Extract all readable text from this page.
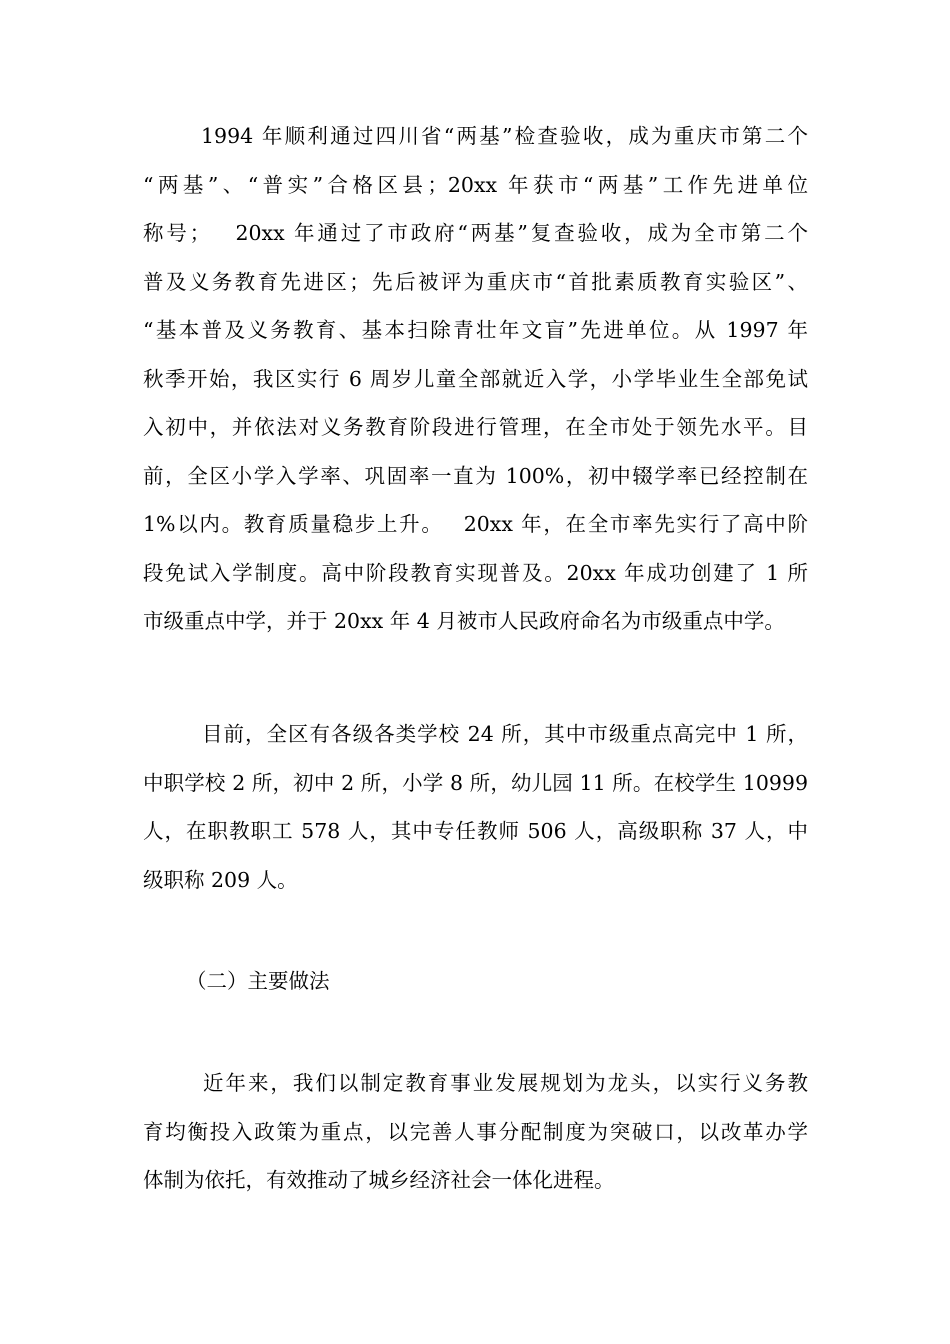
1994 年顺利通过四川省“两基”检查验收，成为重庆市第二个
“两基”、“普实”合格区县；20xx 年获市“两基”工作先进单位
称号；　 20xx 年通过了市政府“两基”复查验收，成为全市第二个
普及义务教育先进区；先后被评为重庆市“首批素质教育实验区”、
“基本普及义务教育、基本扫除青壮年文盲”先进单位。从 1997 年
秋季开始，我区实行 6 周岁儿童全部就近入学，小学毕业生全部免试
入初中，并依法对义务教育阶段进行管理，在全市处于领先水平。目
前，全区小学入学率、巩固率一直为 100%，初中辍学率已经控制在
1%以内。教育质量稳步上升。　 20xx 年，在全市率先实行了高中阶
段免试入学制度。高中阶段教育实现普及。20xx 年成功创建了 1 所
市级重点中学，并于 20xx 年 4 月被市人民政府命名为市级重点中学。
目前，全区有各级各类学校 24 所，其中市级重点高完中 1 所，
中职学校 2 所，初中 2 所，小学 8 所，幼儿园 11 所。在校学生 10999
人，在职教职工 578 人，其中专任教师 506 人，高级职称 37 人，中
级职称 209 人。
（二）主要做法
近年来，我们以制定教育事业发展规划为龙头，以实行义务教
育均衡投入政策为重点，以完善人事分配制度为突破口，以改革办学
体制为依托，有效推动了城乡经济社会一体化进程。
